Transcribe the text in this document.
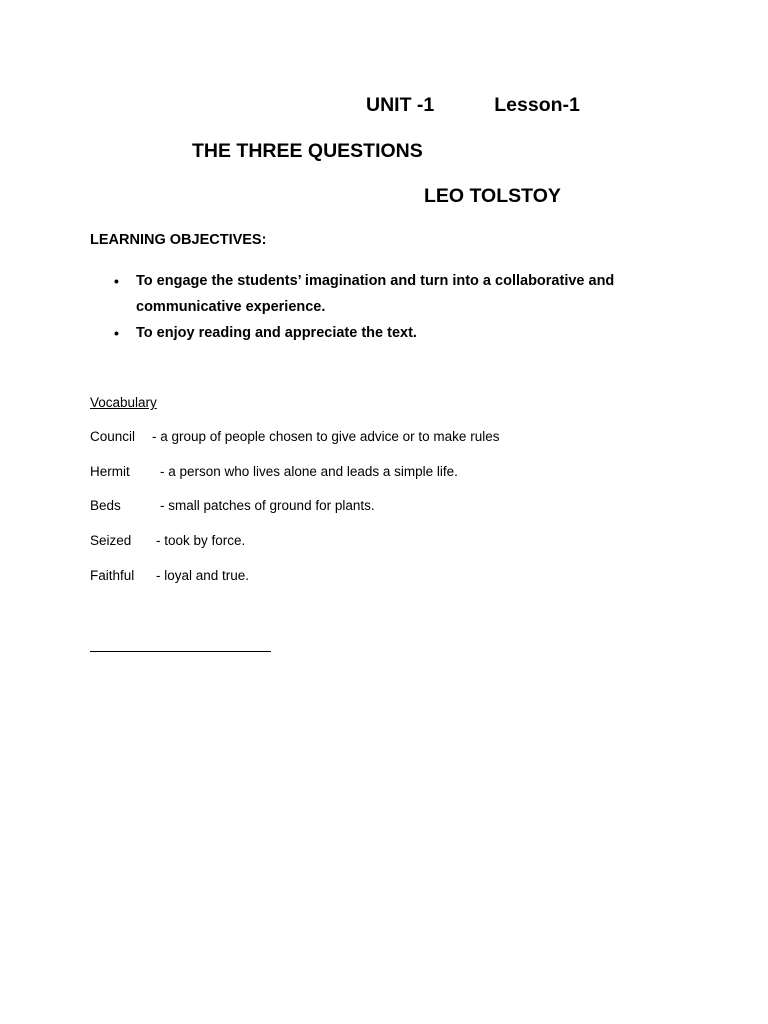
UNIT -1	Lesson-1
THE THREE QUESTIONS
LEO TOLSTOY
LEARNING OBJECTIVES:
• To engage the students’ imagination and turn into a collaborative and communicative experience.
• To enjoy reading and appreciate the text.
Vocabulary
Council - a group of people chosen to give advice or to make rules
Hermit - a person who lives alone and leads a simple life.
Beds	- small patches of ground for plants.
Seized - took by force.
Faithful - loyal and true.
